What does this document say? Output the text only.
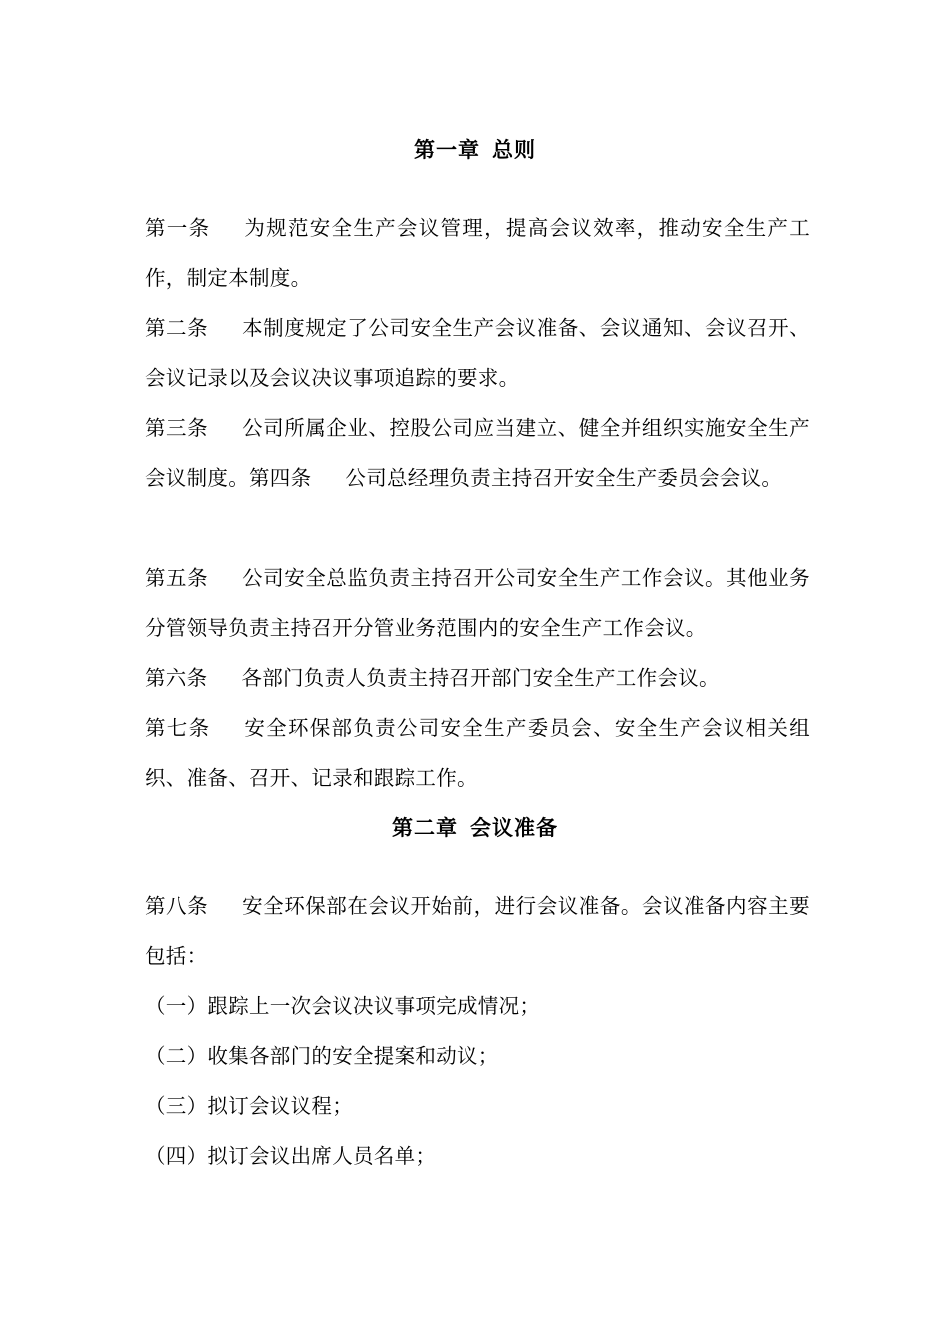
第一章 总则
第一条 为规范安全生产会议管理，提高会议效率，推动安全生产工作，制定本制度。
第二条 本制度规定了公司安全生产会议准备、会议通知、会议召开、会议记录以及会议决议事项追踪的要求。
第三条 公司所属企业、控股公司应当建立、健全并组织实施安全生产会议制度。第四条 公司总经理负责主持召开安全生产委员会会议。
第五条 公司安全总监负责主持召开公司安全生产工作会议。其他业务分管领导负责主持召开分管业务范围内的安全生产工作会议。
第六条 各部门负责人负责主持召开部门安全生产工作会议。
第七条 安全环保部负责公司安全生产委员会、安全生产会议相关组织、准备、召开、记录和跟踪工作。
第二章 会议准备
第八条 安全环保部在会议开始前，进行会议准备。会议准备内容主要包括：
（一）跟踪上一次会议决议事项完成情况；
（二）收集各部门的安全提案和动议；
（三）拟订会议议程；
（四）拟订会议出席人员名单；
